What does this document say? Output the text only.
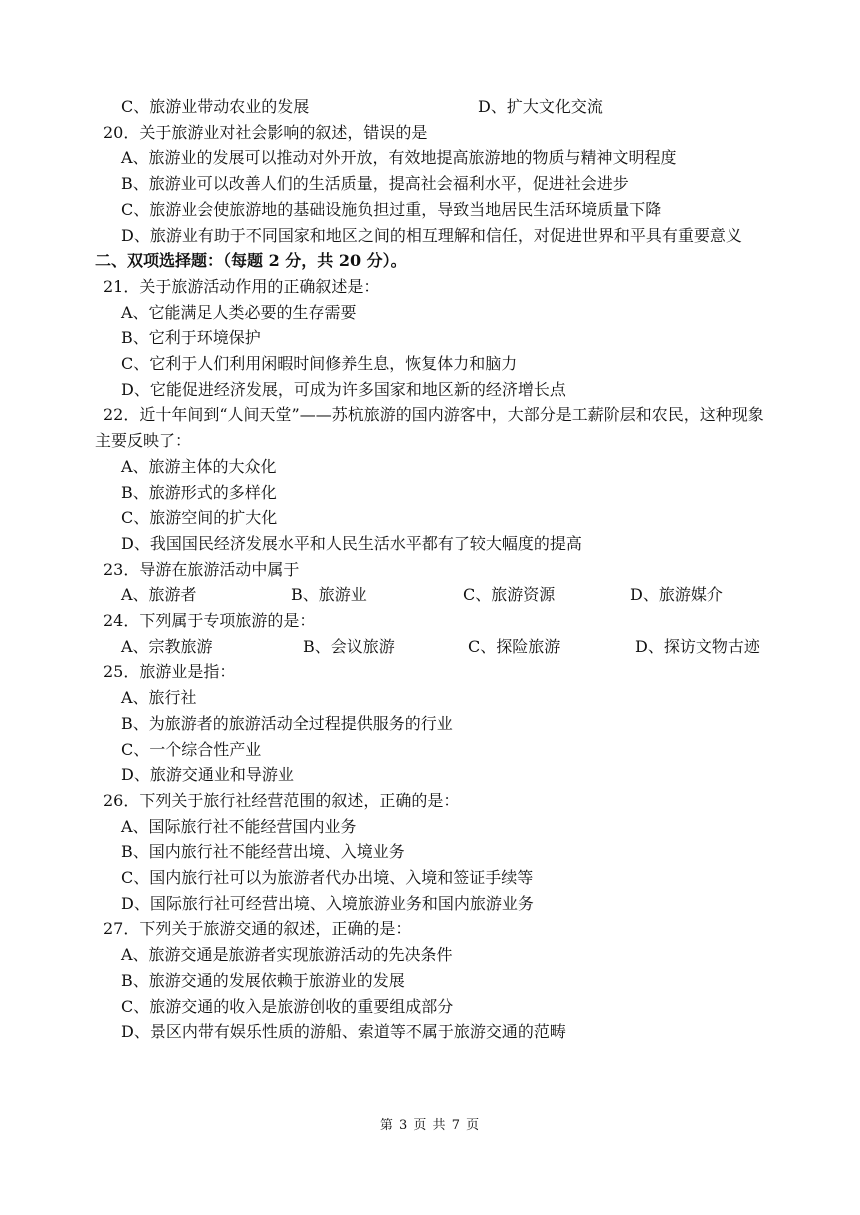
C、旅游业带动农业的发展	D、扩大文化交流
20．关于旅游业对社会影响的叙述，错误的是
A、旅游业的发展可以推动对外开放，有效地提高旅游地的物质与精神文明程度
B、旅游业可以改善人们的生活质量，提高社会福利水平，促进社会进步
C、旅游业会使旅游地的基础设施负担过重，导致当地居民生活环境质量下降
D、旅游业有助于不同国家和地区之间的相互理解和信任，对促进世界和平具有重要意义
二、双项选择题：（每题 2 分，共 20 分）。
21．关于旅游活动作用的正确叙述是：
A、它能满足人类必要的生存需要
B、它利于环境保护
C、它利于人们利用闲暇时间修养生息，恢复体力和脑力
D、它能促进经济发展，可成为许多国家和地区新的经济增长点
22．近十年间到“人间天堂”——苏杭旅游的国内游客中，大部分是工薪阶层和农民，这种现象主要反映了：
A、旅游主体的大众化
B、旅游形式的多样化
C、旅游空间的扩大化
D、我国国民经济发展水平和人民生活水平都有了较大幅度的提高
23．导游在旅游活动中属于
A、旅游者	B、旅游业	C、旅游资源	D、旅游媒介
24．下列属于专项旅游的是：
A、宗教旅游	B、会议旅游	C、探险旅游	D、探访文物古迹
25．旅游业是指：
A、旅行社
B、为旅游者的旅游活动全过程提供服务的行业
C、一个综合性产业
D、旅游交通业和导游业
26．下列关于旅行社经营范围的叙述，正确的是：
A、国际旅行社不能经营国内业务
B、国内旅行社不能经营出境、入境业务
C、国内旅行社可以为旅游者代办出境、入境和签证手续等
D、国际旅行社可经营出境、入境旅游业务和国内旅游业务
27．下列关于旅游交通的叙述，正确的是：
A、旅游交通是旅游者实现旅游活动的先决条件
B、旅游交通的发展依赖于旅游业的发展
C、旅游交通的收入是旅游创收的重要组成部分
D、景区内带有娱乐性质的游船、索道等不属于旅游交通的范畴
第 3 页 共 7 页
